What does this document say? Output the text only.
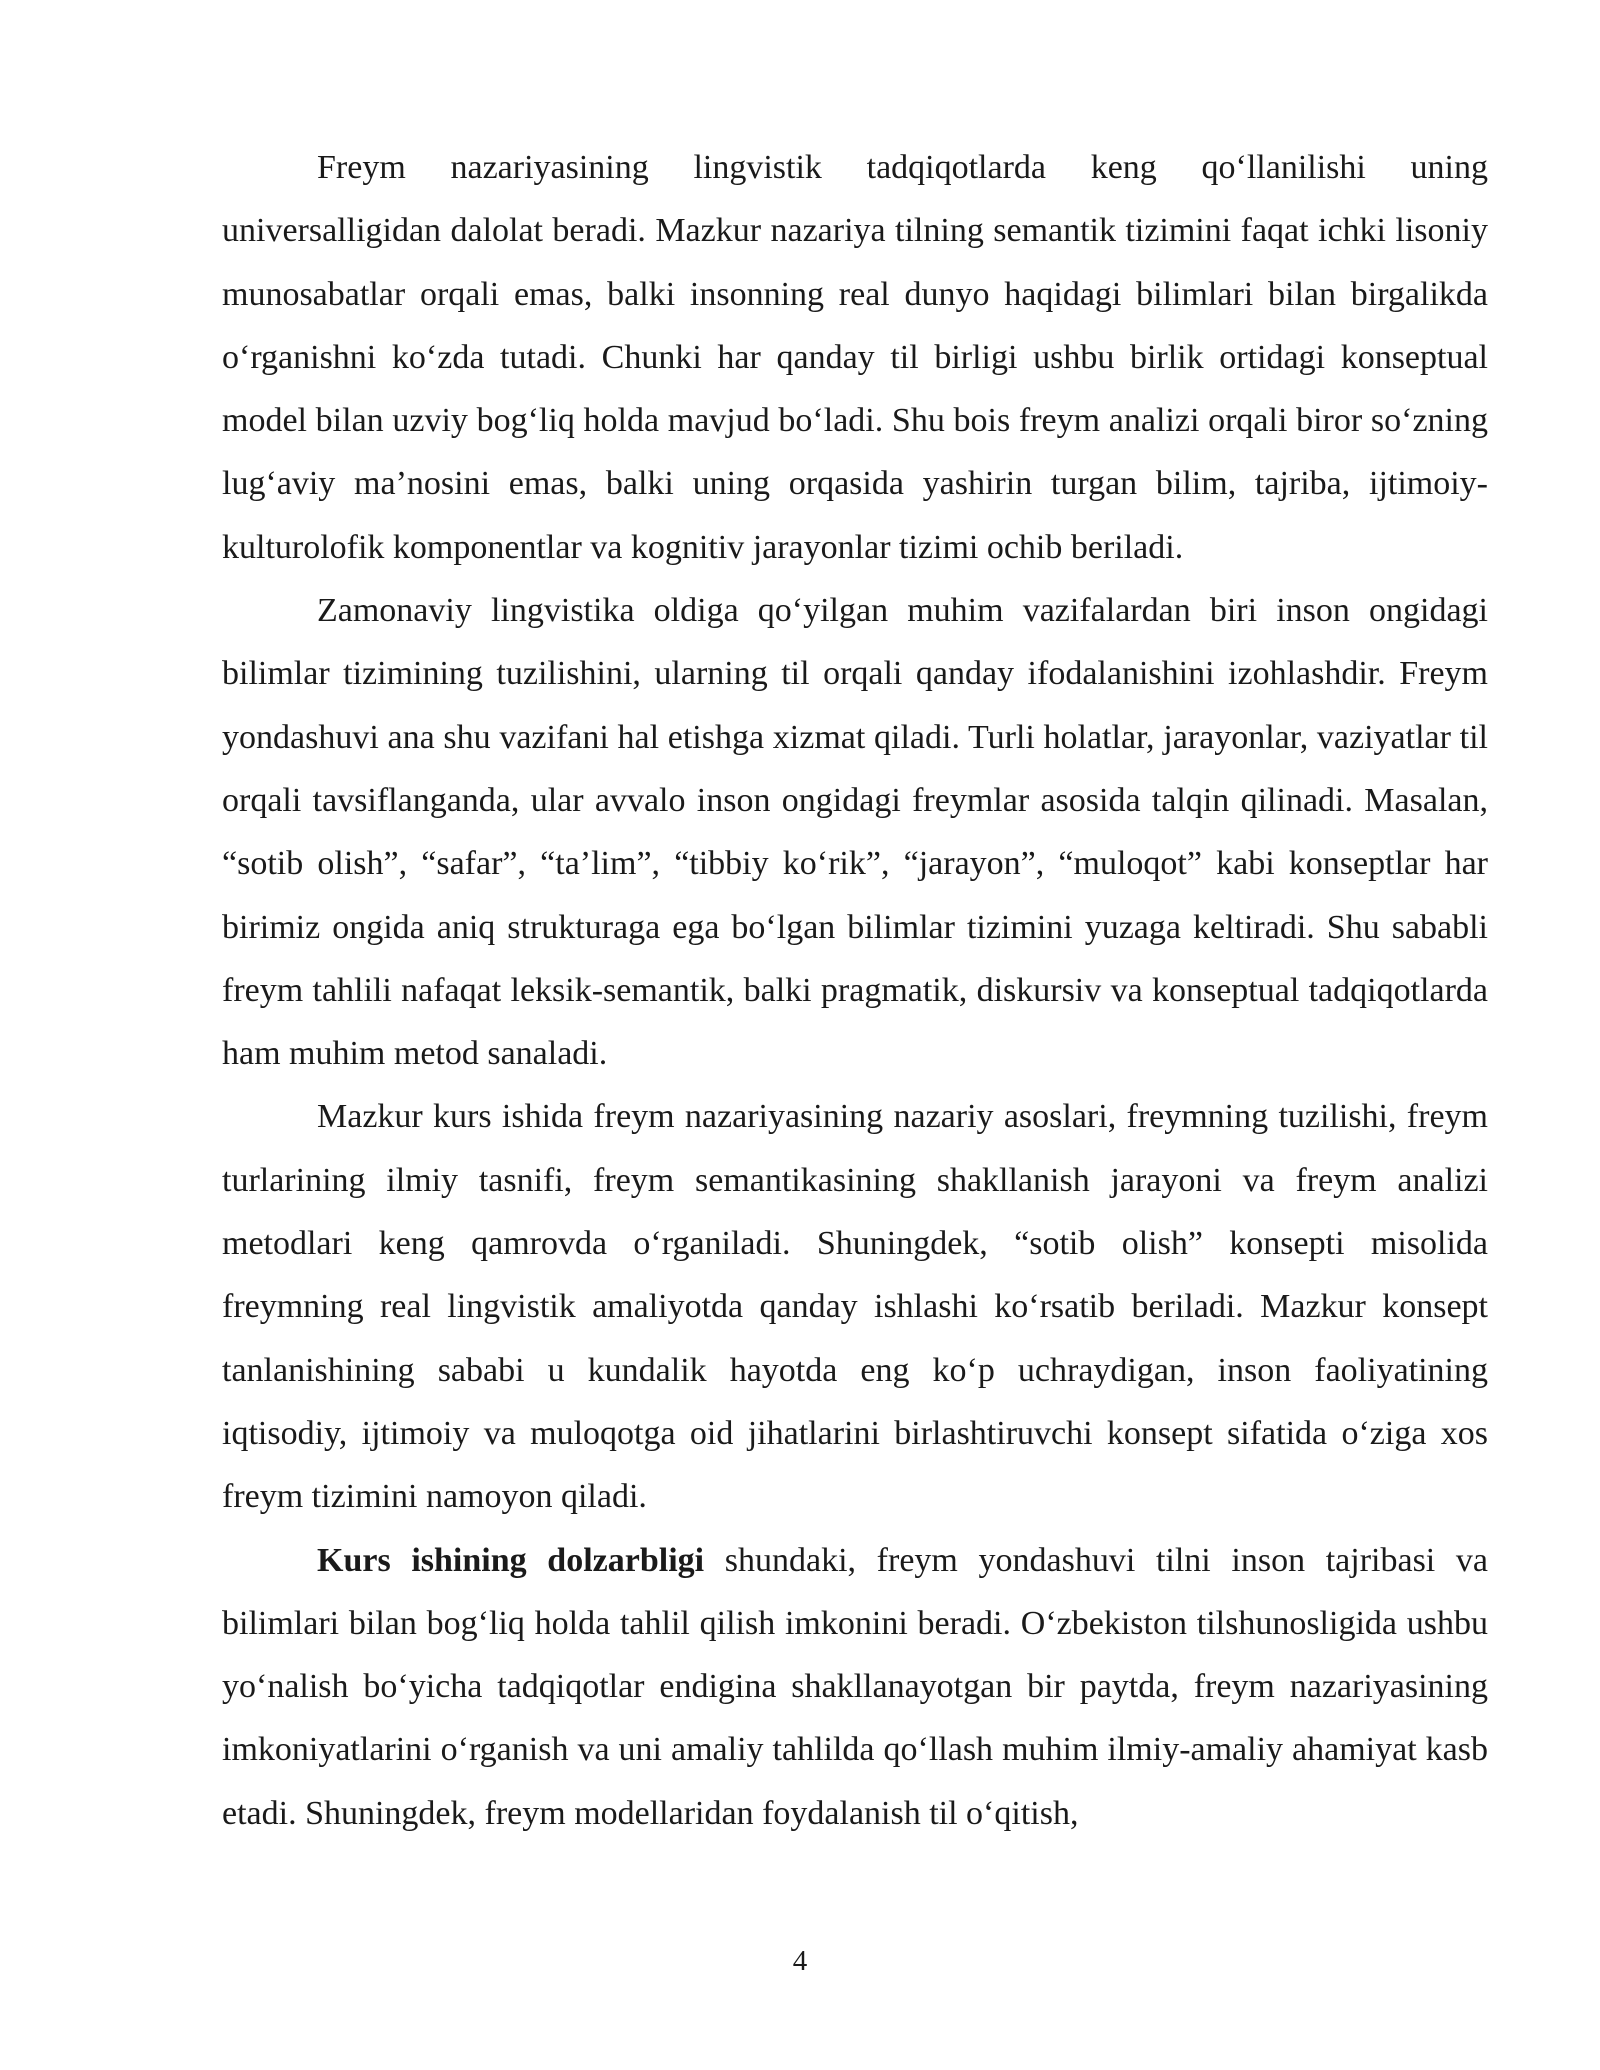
Freym nazariyasining lingvistik tadqiqotlarda keng qo‘llanilishi uning universalligidan dalolat beradi. Mazkur nazariya tilning semantik tizimini faqat ichki lisoniy munosabatlar orqali emas, balki insonning real dunyo haqidagi bilimlari bilan birgalikda o‘rganishni ko‘zda tutadi. Chunki har qanday til birligi ushbu birlik ortidagi konseptual model bilan uzviy bog‘liq holda mavjud bo‘ladi. Shu bois freym analizi orqali biror so‘zning lug‘aviy ma’nosini emas, balki uning orqasida yashirin turgan bilim, tajriba, ijtimoiy-kulturolofik komponentlar va kognitiv jarayonlar tizimi ochib beriladi.

Zamonaviy lingvistika oldiga qo‘yilgan muhim vazifalardan biri inson ongidagi bilimlar tizimining tuzilishini, ularning til orqali qanday ifodalanishini izohlashdir. Freym yondashuvi ana shu vazifani hal etishga xizmat qiladi. Turli holatlar, jarayonlar, vaziyatlar til orqali tavsiflanganda, ular avvalo inson ongidagi freymlar asosida talqin qilinadi. Masalan, “sotib olish”, “safar”, “ta’lim”, “tibbiy ko‘rik”, “jarayon”, “muloqot” kabi konseptlar har birimiz ongida aniq strukturaga ega bo‘lgan bilimlar tizimini yuzaga keltiradi. Shu sababli freym tahlili nafaqat leksik-semantik, balki pragmatik, diskursiv va konseptual tadqiqotlarda ham muhim metod sanaladi.

Mazkur kurs ishida freym nazariyasining nazariy asoslari, freymning tuzilishi, freym turlarining ilmiy tasnifi, freym semantikasining shakllanish jarayoni va freym analizi metodlari keng qamrovda o‘rganiladi. Shuningdek, “sotib olish” konsepti misolida freymning real lingvistik amaliyotda qanday ishlashi ko‘rsatib beriladi. Mazkur konsept tanlanishining sababi u kundalik hayotda eng ko‘p uchraydigan, inson faoliyatining iqtisodiy, ijtimoiy va muloqotga oid jihatlarini birlashtiruvchi konsept sifatida o‘ziga xos freym tizimini namoyon qiladi.

Kurs ishining dolzarbligi shundaki, freym yondashuvi tilni inson tajribasi va bilimlari bilan bog‘liq holda tahlil qilish imkonini beradi. O‘zbekiston tilshunosligida ushbu yo‘nalish bo‘yicha tadqiqotlar endigina shakllanayotgan bir paytda, freym nazariyasining imkoniyatlarini o‘rganish va uni amaliy tahlilda qo‘llash muhim ilmiy-amaliy ahamiyat kasb etadi. Shuningdek, freym modellaridan foydalanish til o‘qitish,

4
